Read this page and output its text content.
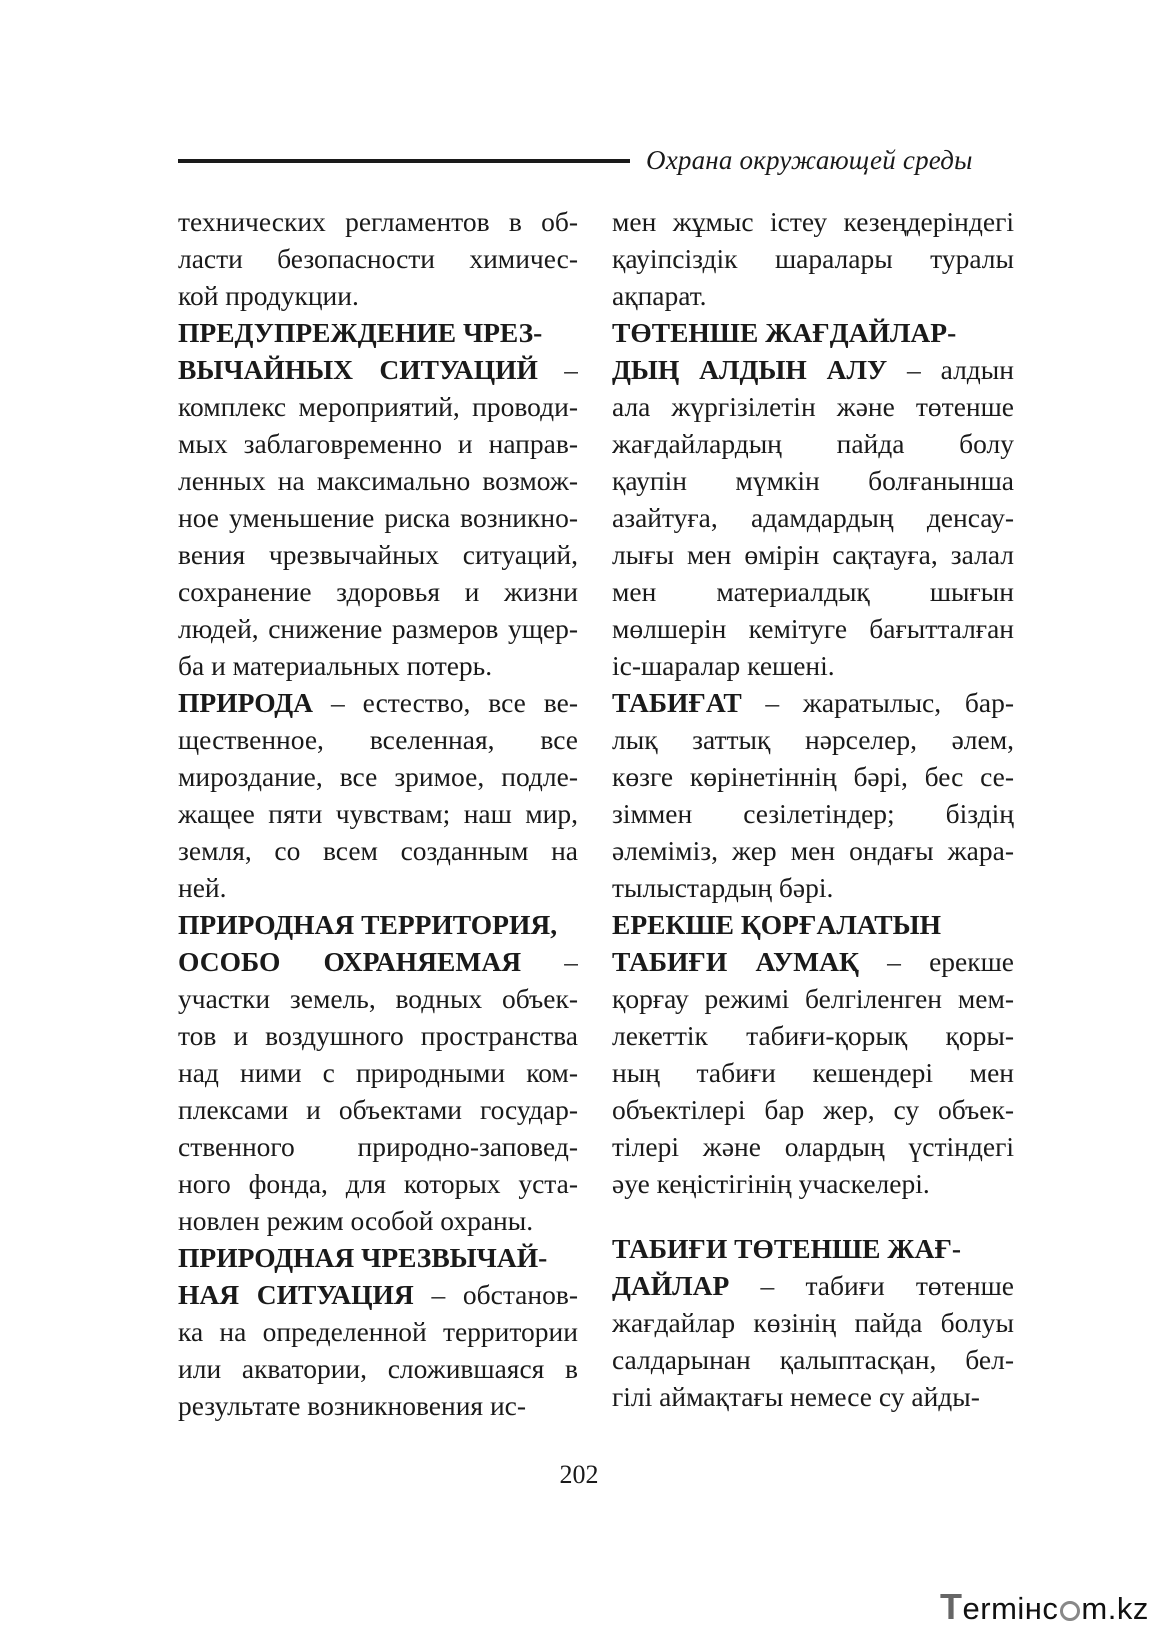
Охрана окружающей среды
технических регламентов в об-
ласти безопасности химичес-
кой продукции.
ПРЕДУПРЕЖДЕНИЕ ЧРЕЗ-
ВЫЧАЙНЫХ СИТУАЦИЙ –
комплекс мероприятий, проводи-
мых заблаговременно и направ-
ленных на максимально возмож-
ное уменьшение риска возникно-
вения чрезвычайных ситуаций,
сохранение здоровья и жизни
людей, снижение размеров ущер-
ба и материальных потерь.
ПРИРОДА – естество, все ве-
щественное, вселенная, все
мироздание, все зримое, подле-
жащее пяти чувствам; наш мир,
земля, со всем созданным на
ней.
ПРИРОДНАЯ ТЕРРИТОРИЯ,
ОСОБО ОХРАНЯЕМАЯ –
участки земель, водных объек-
тов и воздушного пространства
над ними с природными ком-
плексами и объектами государ-
ственного природно-заповед-
ного фонда, для которых уста-
новлен режим особой охраны.
ПРИРОДНАЯ ЧРЕЗВЫЧАЙ-
НАЯ СИТУАЦИЯ – обстанов-
ка на определенной территории
или акватории, сложившаяся в
результате возникновения ис-
мен жұмыс істеу кезеңдеріндегі
қауіпсіздік шаралары туралы
ақпарат.
ТӨТЕНШЕ ЖАҒДАЙЛАР-
ДЫҢ АЛДЫН АЛУ – алдын
ала жүргізілетін және төтенше
жағдайлардың пайда болу
қаупін мүмкін болғанынша
азайтуға, адамдардың денсау-
лығы мен өмірін сақтауға, залал
мен материалдық шығын
мөлшерін кемітуге бағытталған
іс-шаралар кешені.
ТАБИҒАТ – жаратылыс, бар-
лық заттық нәрселер, әлем,
көзге көрінетіннің бәрі, бес се-
зіммен сезілетіндер; біздің
әлеміміз, жер мен ондағы жара-
тылыстардың бәрі.
ЕРЕКШЕ ҚОРҒАЛАТЫН
ТАБИҒИ АУМАҚ – ерекше
қорғау режимі белгіленген мем-
лекеттік табиғи-қорық қоры-
ның табиғи кешендері мен
объектілері бар жер, су объек-
тілері және олардың үстіндегі
әуе кеңістігінің учаскелері.
ТАБИҒИ ТӨТЕНШЕ ЖАҒ-
ДАЙЛАР – табиғи төтенше
жағдайлар көзінің пайда болуы
салдарынан қалыптасқан, бел-
гілі аймақтағы немесе су айды-
202
Termінc m.kz
